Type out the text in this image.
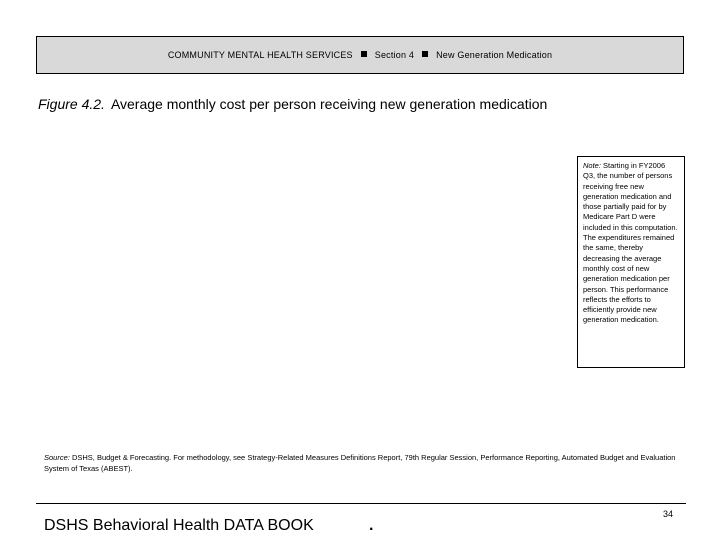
COMMUNITY MENTAL HEALTH SERVICES Section 4 New Generation Medication
Figure 4.2. Average monthly cost per person receiving new generation medication
Note: Starting in FY2006 Q3, the number of persons receiving free new generation medication and those partially paid for by Medicare Part D were included in this computation. The expenditures remained the same, thereby decreasing the average monthly cost of new generation medication per person. This performance reflects the efforts to efficiently provide new generation medication.
Source: DSHS, Budget & Forecasting. For methodology, see Strategy-Related Measures Definitions Report, 79th Regular Session, Performance Reporting, Automated Budget and Evaluation System of Texas (ABEST).
34
DSHS Behavioral Health DATA BOOK	.
